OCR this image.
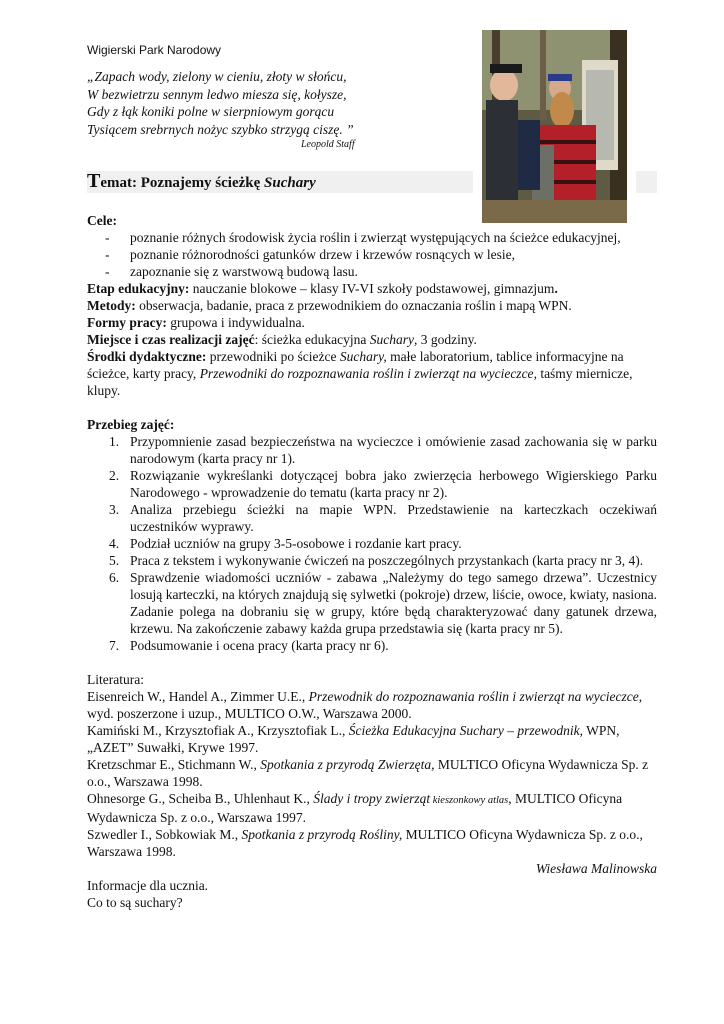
Wigierski Park Narodowy
„Zapach wody, zielony w cieniu, złoty w słońcu,
W bezwietrzu sennym ledwo miesza się, kołysze,
Gdy z łąk koniki polne w sierpniowym gorącu
Tysiącem srebrnych nożyc szybko strzygą ciszę. ”
Leopold Staff
Temat: Poznajemy ścieżkę Suchary

Cele:

- poznanie różnych środowisk życia roślin i zwierząt występujących na ścieżce edukacyjnej,
- poznanie różnorodności gatunków drzew i krzewów rosnących w lesie,
- zapoznanie się z warstwową budową lasu.

Etap edukacyjny: nauczanie blokowe – klasy IV-VI szkoły podstawowej, gimnazjum.

Metody: obserwacja, badanie, praca z przewodnikiem do oznaczania roślin i mapą WPN.

Formy pracy: grupowa i indywidualna.

Miejsce i czas realizacji zajęć: ścieżka edukacyjna Suchary, 3 godziny.

Środki dydaktyczne: przewodniki po ścieżce Suchary, małe laboratorium, tablice informacyjne na ścieżce, karty pracy, Przewodniki do rozpoznawania roślin i zwierząt na wycieczce, taśmy miernicze, klupy.

Przebieg zajęć:

1. Przypomnienie zasad bezpieczeństwa na wycieczce i omówienie zasad zachowania się w parku narodowym (karta pracy nr 1).
2. Rozwiązanie wykreślanki dotyczącej bobra jako zwierzęcia herbowego Wigierskiego Parku Narodowego - wprowadzenie do tematu (karta pracy nr 2).
3. Analiza przebiegu ścieżki na mapie WPN. Przedstawienie na karteczkach oczekiwań uczestników wyprawy.
4. Podział uczniów na grupy 3-5-osobowe i rozdanie kart pracy.
5. Praca z tekstem i wykonywanie ćwiczeń na poszczególnych przystankach (karta pracy nr 3, 4).
6. Sprawdzenie wiadomości uczniów - zabawa „Należymy do tego samego drzewa”. Uczestnicy losują karteczki, na których znajdują się sylwetki (pokroje) drzew, liście, owoce, kwiaty, nasiona. Zadanie polega na dobraniu się w grupy, które będą charakteryzować dany gatunek drzewa, krzewu. Na zakończenie zabawy każda grupa przedstawia się (karta pracy nr 5).
7. Podsumowanie i ocena pracy (karta pracy nr 6).

Literatura:

Eisenreich W., Handel A., Zimmer U.E., Przewodnik do rozpoznawania roślin i zwierząt na wycieczce, wyd. poszerzone i uzup., MULTICO O.W., Warszawa 2000.

Kamiński M., Krzysztofiak A., Krzysztofiak L., Ścieżka Edukacyjna Suchary – przewodnik, WPN, „AZET” Suwałki, Krywe 1997.

Kretzschmar E., Stichmann W., Spotkania z przyrodą Zwierzęta, MULTICO Oficyna Wydawnicza Sp. z o.o., Warszawa 1998.

Ohnesorge G., Scheiba B., Uhlenhaut K., Ślady i tropy zwierząt kieszonkowy atlas, MULTICO Oficyna Wydawnicza Sp. z o.o., Warszawa 1997.

Szwedler I., Sobkowiak M., Spotkania z przyrodą Rośliny, MULTICO Oficyna Wydawnicza Sp. z o.o., Warszawa 1998.

Wiesława Malinowska

Informacje dla ucznia.

Co to są suchary?
